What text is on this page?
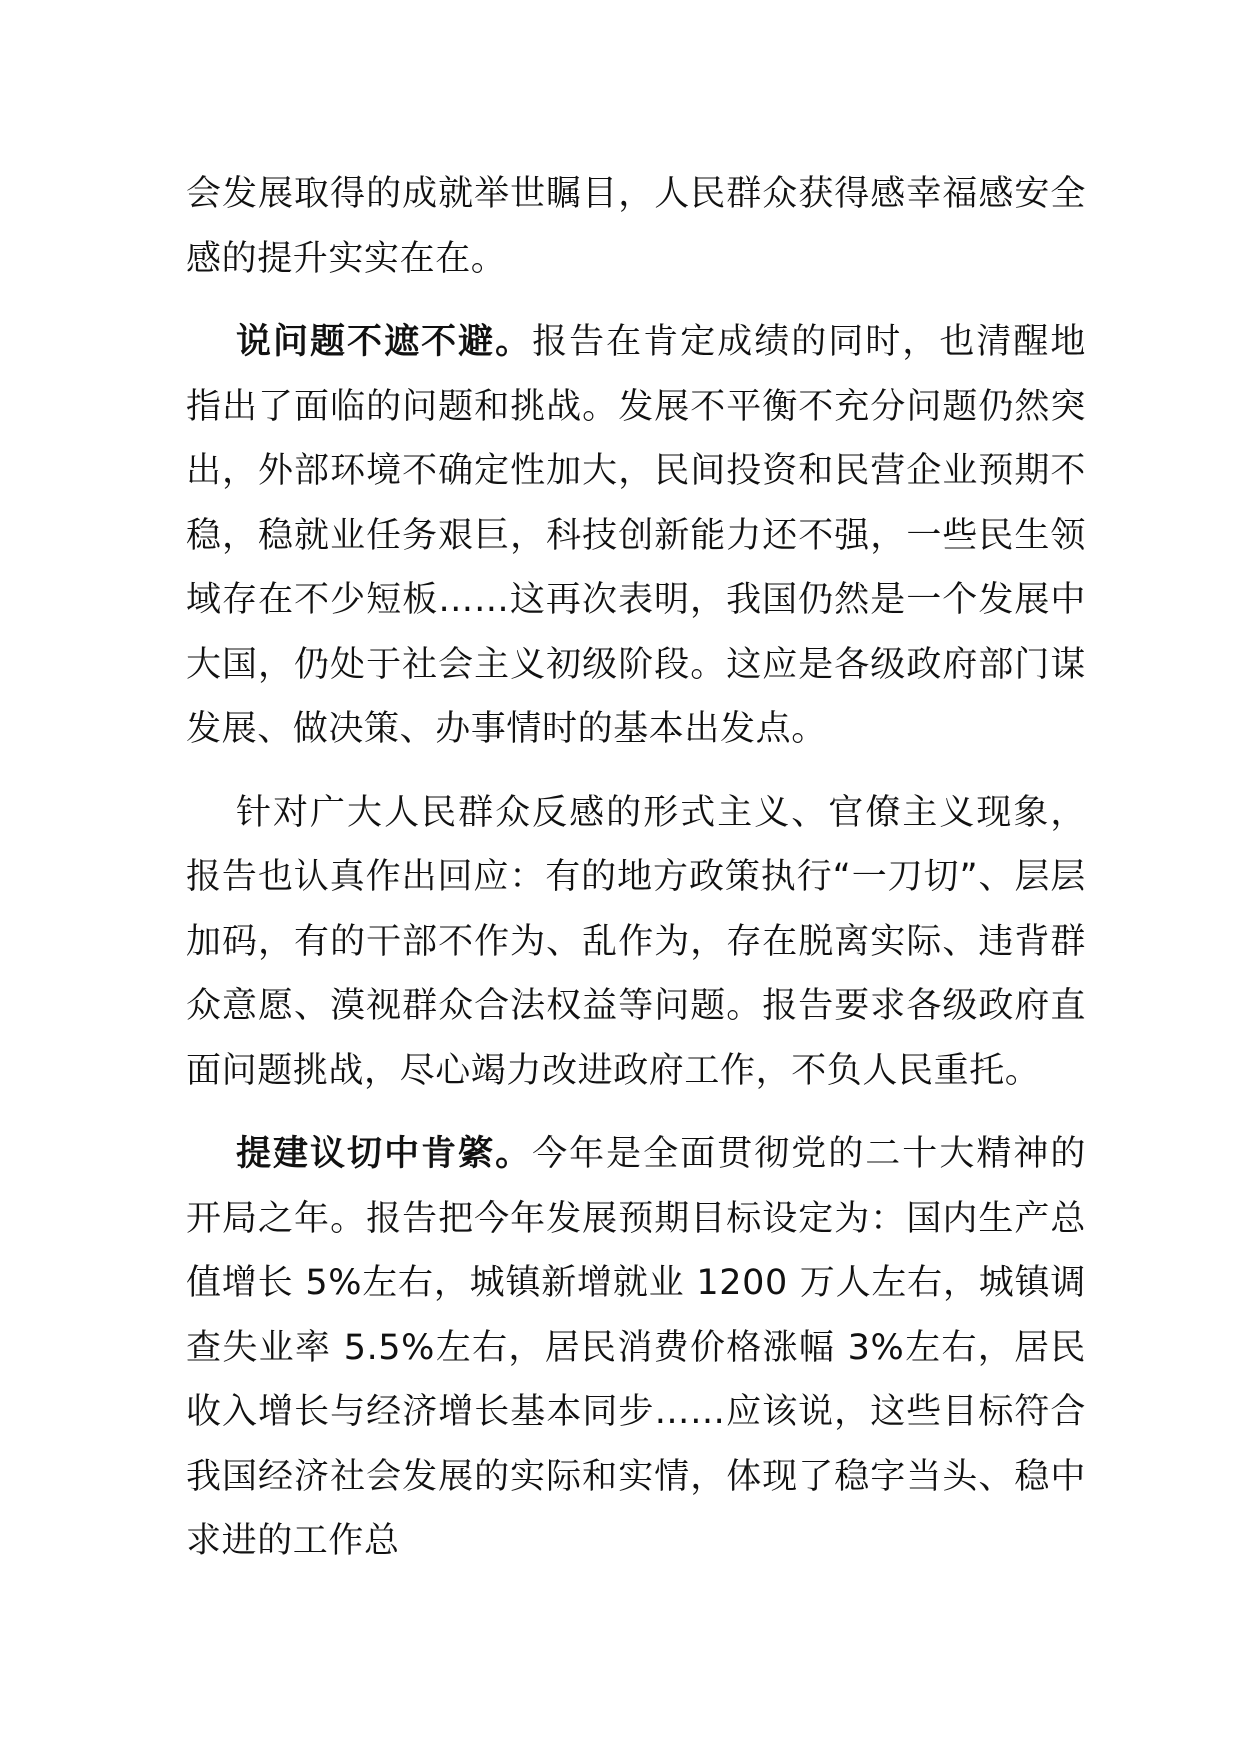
会发展取得的成就举世瞩目，人民群众获得感幸福感安全感的提升实实在在。

说问题不遮不避。报告在肯定成绩的同时，也清醒地指出了面临的问题和挑战。发展不平衡不充分问题仍然突出，外部环境不确定性加大，民间投资和民营企业预期不稳，稳就业任务艰巨，科技创新能力还不强，一些民生领域存在不少短板……这再次表明，我国仍然是一个发展中大国，仍处于社会主义初级阶段。这应是各级政府部门谋发展、做决策、办事情时的基本出发点。

针对广大人民群众反感的形式主义、官僚主义现象，报告也认真作出回应：有的地方政策执行“一刀切”、层层加码，有的干部不作为、乱作为，存在脱离实际、违背群众意愿、漠视群众合法权益等问题。报告要求各级政府直面问题挑战，尽心竭力改进政府工作，不负人民重托。

提建议切中肯綮。今年是全面贯彻党的二十大精神的开局之年。报告把今年发展预期目标设定为：国内生产总值增长 5%左右，城镇新增就业 1200 万人左右，城镇调查失业率 5.5%左右，居民消费价格涨幅 3%左右，居民收入增长与经济增长基本同步……应该说，这些目标符合我国经济社会发展的实际和实情，体现了稳字当头、稳中求进的工作总
